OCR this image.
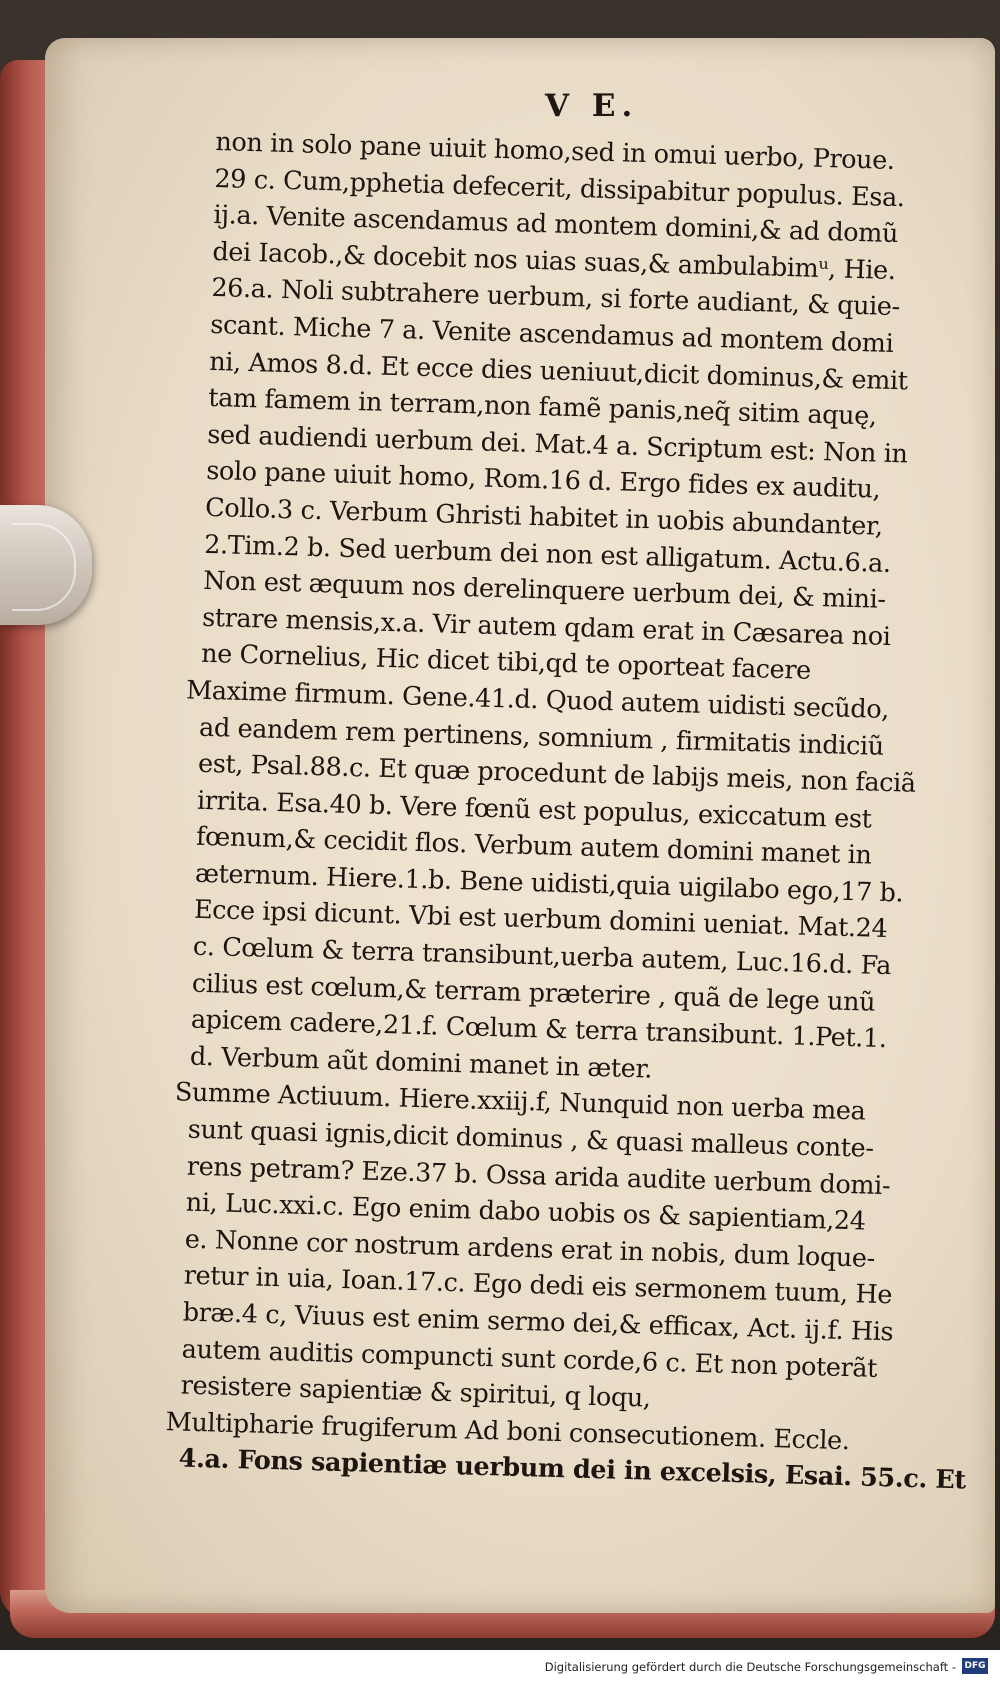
V E.
non in solo pane uiuit homo,sed in omui uerbo, Proue.
29 c. Cum,pphetia defecerit, dissipabitur populus. Esa.
ij.a. Venite ascendamus ad montem domini,& ad domũ
dei Iacob.,& docebit nos uias suas,& ambulabimᵘ, Hie.
26.a. Noli subtrahere uerbum, si forte audiant, & quie-
scant. Miche 7 a. Venite ascendamus ad montem domi
ni, Amos 8.d. Et ecce dies ueniuut,dicit dominus,& emit
tam famem in terram,non famẽ panis,neq̃ sitim aquę,
sed audiendi uerbum dei. Mat.4 a. Scriptum est: Non in
solo pane uiuit homo, Rom.16 d. Ergo fides ex auditu,
Collo.3 c. Verbum Ghristi habitet in uobis abundanter,
2.Tim.2 b. Sed uerbum dei non est alligatum. Actu.6.a.
Non est æquum nos derelinquere uerbum dei, & mini-
strare mensis,x.a. Vir autem qdam erat in Cæsarea noi
ne Cornelius, Hic dicet tibi,qd te oporteat facere
Maxime firmum. Gene.41.d. Quod autem uidisti secũdo,
ad eandem rem pertinens, somnium , firmitatis indiciũ
est, Psal.88.c. Et quæ procedunt de labijs meis, non faciã
irrita. Esa.40 b. Vere fœnũ est populus, exiccatum est
fœnum,& cecidit flos. Verbum autem domini manet in
æternum. Hiere.1.b. Bene uidisti,quia uigilabo ego,17 b.
Ecce ipsi dicunt. Vbi est uerbum domini ueniat. Mat.24
c. Cœlum & terra transibunt,uerba autem, Luc.16.d. Fa
cilius est cœlum,& terram præterire , quã de lege unũ
apicem cadere,21.f. Cœlum & terra transibunt. 1.Pet.1.
d. Verbum aũt domini manet in æter.
Summe Actiuum. Hiere.xxiij.f, Nunquid non uerba mea
sunt quasi ignis,dicit dominus , & quasi malleus conte-
rens petram? Eze.37 b. Ossa arida audite uerbum domi-
ni, Luc.xxi.c. Ego enim dabo uobis os & sapientiam,24
e. Nonne cor nostrum ardens erat in nobis, dum loque-
retur in uia, Ioan.17.c. Ego dedi eis sermonem tuum, He
bræ.4 c, Viuus est enim sermo dei,& efficax, Act. ij.f. His
autem auditis compuncti sunt corde,6 c. Et non poterãt
resistere sapientiæ & spiritui, q loqu,
Multipharie frugiferum Ad boni consecutionem. Eccle.
4.a. Fons sapientiæ uerbum dei in excelsis, Esai. 55.c. Et
Digitalisierung gefördert durch die Deutsche Forschungsgemeinschaft - DFG
